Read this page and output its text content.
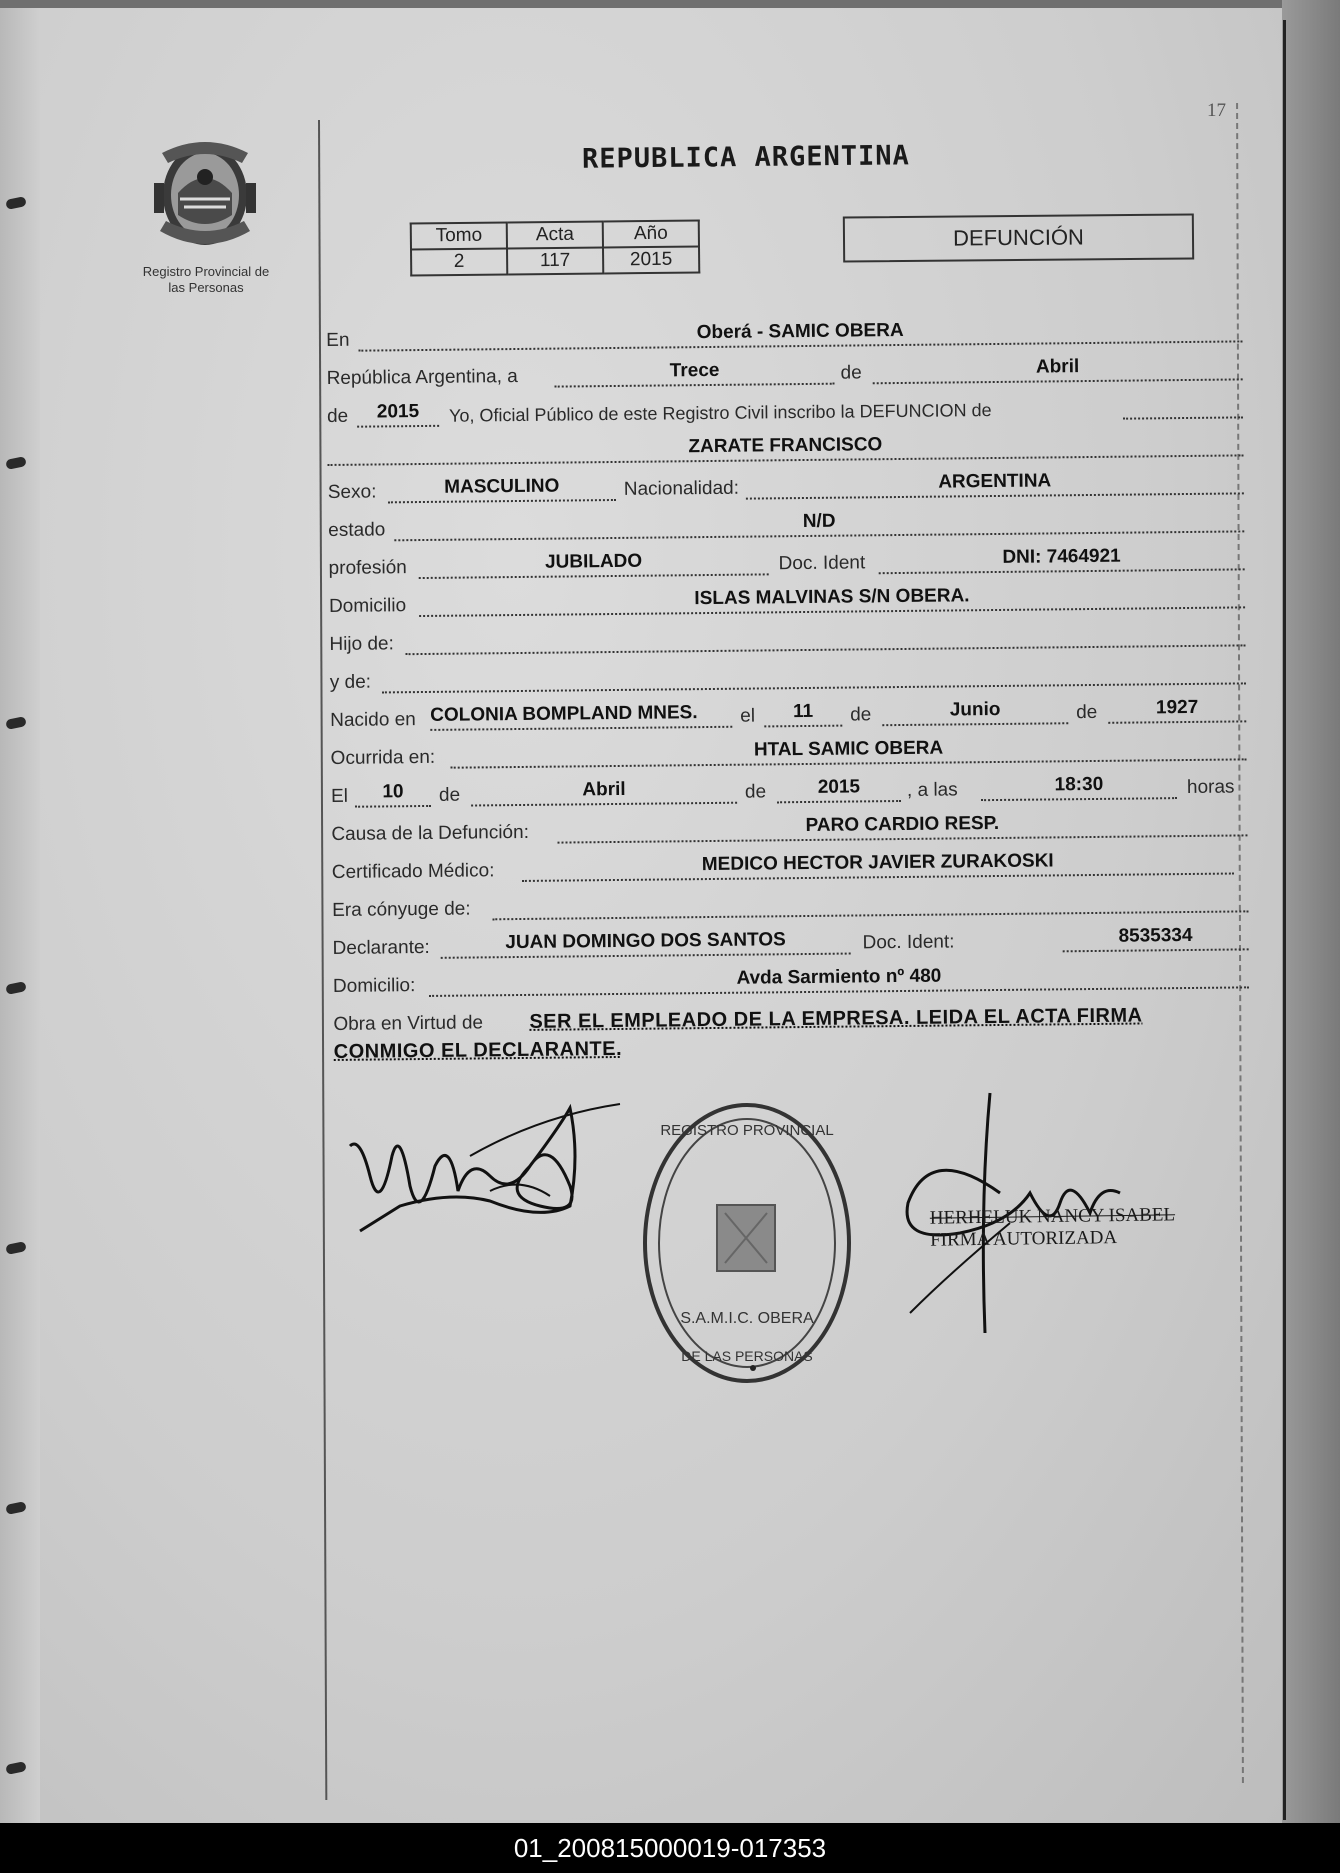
17
Registro Provincial de
las Personas
REPUBLICA ARGENTINA
Tomo	Acta	Año
2	117	2015
DEFUNCIÓN
En	Oberá - SAMIC OBERA
República Argentina, a	Trece	de	Abril
de	2015	Yo, Oficial Público de este Registro Civil inscribo la DEFUNCION de
ZARATE FRANCISCO
Sexo:	MASCULINO	Nacionalidad:	ARGENTINA
estado	N/D
profesión	JUBILADO	Doc. Ident	DNI: 7464921
Domicilio	ISLAS MALVINAS S/N OBERA.
Hijo de:
y de:
Nacido en COLONIA BOMPLAND MNES.	el	11	de	Junio	de	1927
Ocurrida en:	HTAL SAMIC OBERA
El	10	de	Abril	de	2015	, a las	18:30	horas
Causa de la Defunción:	PARO CARDIO RESP.
Certificado Médico:	MEDICO HECTOR JAVIER ZURAKOSKI
Era cónyuge de:
Declarante:	JUAN DOMINGO DOS SANTOS	Doc. Ident:	8535334
Domicilio:	Avda Sarmiento nº 480
Obra en Virtud de SER EL EMPLEADO DE LA EMPRESA. LEIDA EL ACTA FIRMA
CONMIGO EL DECLARANTE.
REGISTRO PROVINCIAL
S.A.M.I.C. OBERA
DE LAS PERSONAS
HERHELUK NANCY ISABEL
FIRMA AUTORIZADA
01_200815000019-017353
